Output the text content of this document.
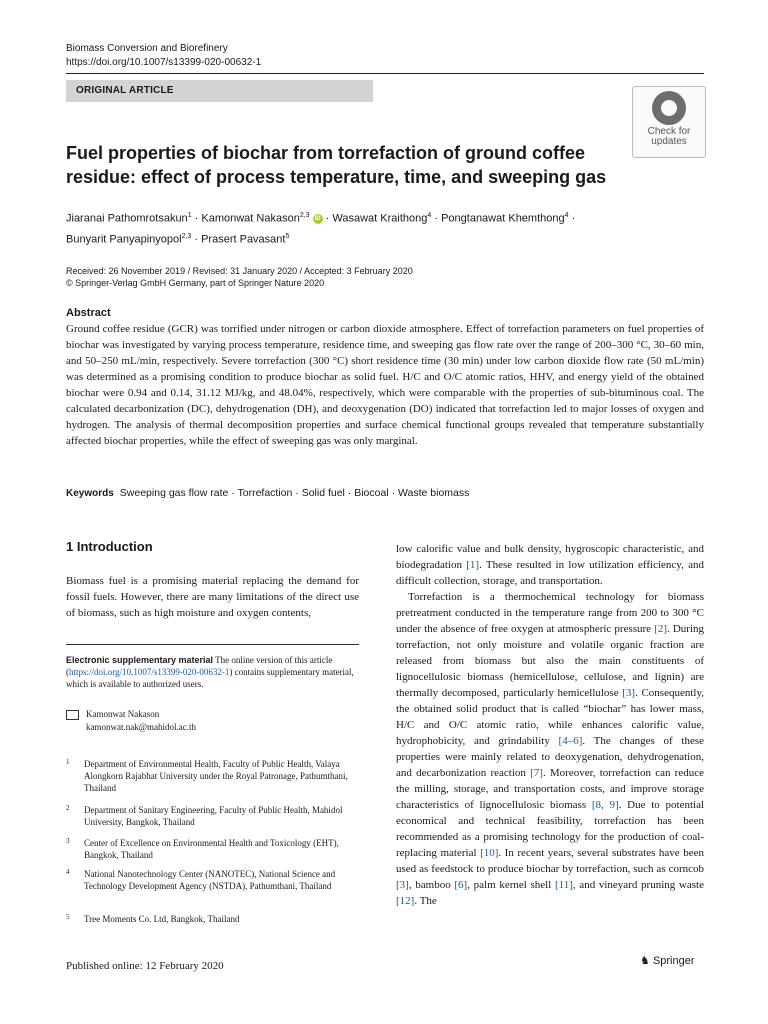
Biomass Conversion and Biorefinery
https://doi.org/10.1007/s13399-020-00632-1
ORIGINAL ARTICLE
Check for
updates
Fuel properties of biochar from torrefaction of ground coffee residue: effect of process temperature, time, and sweeping gas
Jiaranai Pathomrotsakun$^1$ · Kamonwat Nakason$^{2,3}$ iD · Wasawat Kraithong$^4$ · Pongtanawat Khemthong$^4$ ·
Bunyarit Panyapinyopol$^{2,3}$ · Prasert Pavasant$^5$
Received: 26 November 2019 / Revised: 31 January 2020 / Accepted: 3 February 2020
© Springer-Verlag GmbH Germany, part of Springer Nature 2020
Abstract
Ground coffee residue (GCR) was torrified under nitrogen or carbon dioxide atmosphere. Effect of torrefaction parameters on fuel properties of biochar was investigated by varying process temperature, residence time, and sweeping gas flow rate over the range of 200–300 °C, 30–60 min, and 50–250 mL/min, respectively. Severe torrefaction (300 °C) short residence time (30 min) under low carbon dioxide flow rate (50 mL/min) was determined as a promising condition to produce biochar as solid fuel. H/C and O/C atomic ratios, HHV, and energy yield of the obtained biochar were 0.94 and 0.14, 31.12 MJ/kg, and 48.04%, respectively, which were comparable with the properties of sub-bituminous coal. The calculated decarbonization (DC), dehydrogenation (DH), and deoxygenation (DO) indicated that torrefaction led to major losses of oxygen and hydrogen. The analysis of thermal decomposition properties and surface chemical functional groups revealed that temperature substantially affected biochar properties, while the effect of sweeping gas was only marginal.
Keywords Sweeping gas flow rate · Torrefaction · Solid fuel · Biocoal · Waste biomass
1 Introduction
Biomass fuel is a promising material replacing the demand for fossil fuels. However, there are many limitations of the direct use of biomass, such as high moisture and oxygen contents,
Electronic supplementary material The online version of this article (https://doi.org/10.1007/s13399-020-00632-1) contains supplementary material, which is available to authorized users.
Kamonwat Nakason
kamonwat.nak@mahidol.ac.th
1 Department of Environmental Health, Faculty of Public Health, Valaya Alongkorn Rajabhat University under the Royal Patronage, Pathumthani, Thailand
2 Department of Sanitary Engineering, Faculty of Public Health, Mahidol University, Bangkok, Thailand
3 Center of Excellence on Environmental Health and Toxicology (EHT), Bangkok, Thailand
4 National Nanotechnology Center (NANOTEC), National Science and Technology Development Agency (NSTDA), Pathumthani, Thailand
5 Tree Moments Co. Ltd, Bangkok, Thailand

low calorific value and bulk density, hygroscopic characteristic, and biodegradation [1]. These resulted in low utilization efficiency, and difficult collection, storage, and transportation.

Torrefaction is a thermochemical technology for biomass pretreatment conducted in the temperature range from 200 to 300 °C under the absence of free oxygen at atmospheric pressure [2]. During torrefaction, not only moisture and volatile organic fraction are released from biomass but also the main constituents of lignocellulosic biomass (hemicellulose, cellulose, and lignin) are thermally decomposed, particularly hemicellulose [3]. Consequently, the obtained solid product that is called “biochar” has lower mass, H/C and O/C atomic ratio, while enhances calorific value, hydrophobicity, and grindability [4–6]. The changes of these properties were mainly related to deoxygenation, dehydrogenation, and decarbonization reaction [7]. Moreover, torrefaction can reduce the milling, storage, and transportation costs, and improve storage characteristics of lignocellulosic biomass [8, 9]. Due to potential economical and technical feasibility, torrefaction has been recommended as a promising technology for the production of coal-replacing material [10]. In recent years, several substrates have been used as feedstock to produce biochar by torrefaction, such as corncob [3], bamboo [6], palm kernel shell [11], and vineyard pruning waste [12]. The

Published online: 12 February 2020	♞ Springer
